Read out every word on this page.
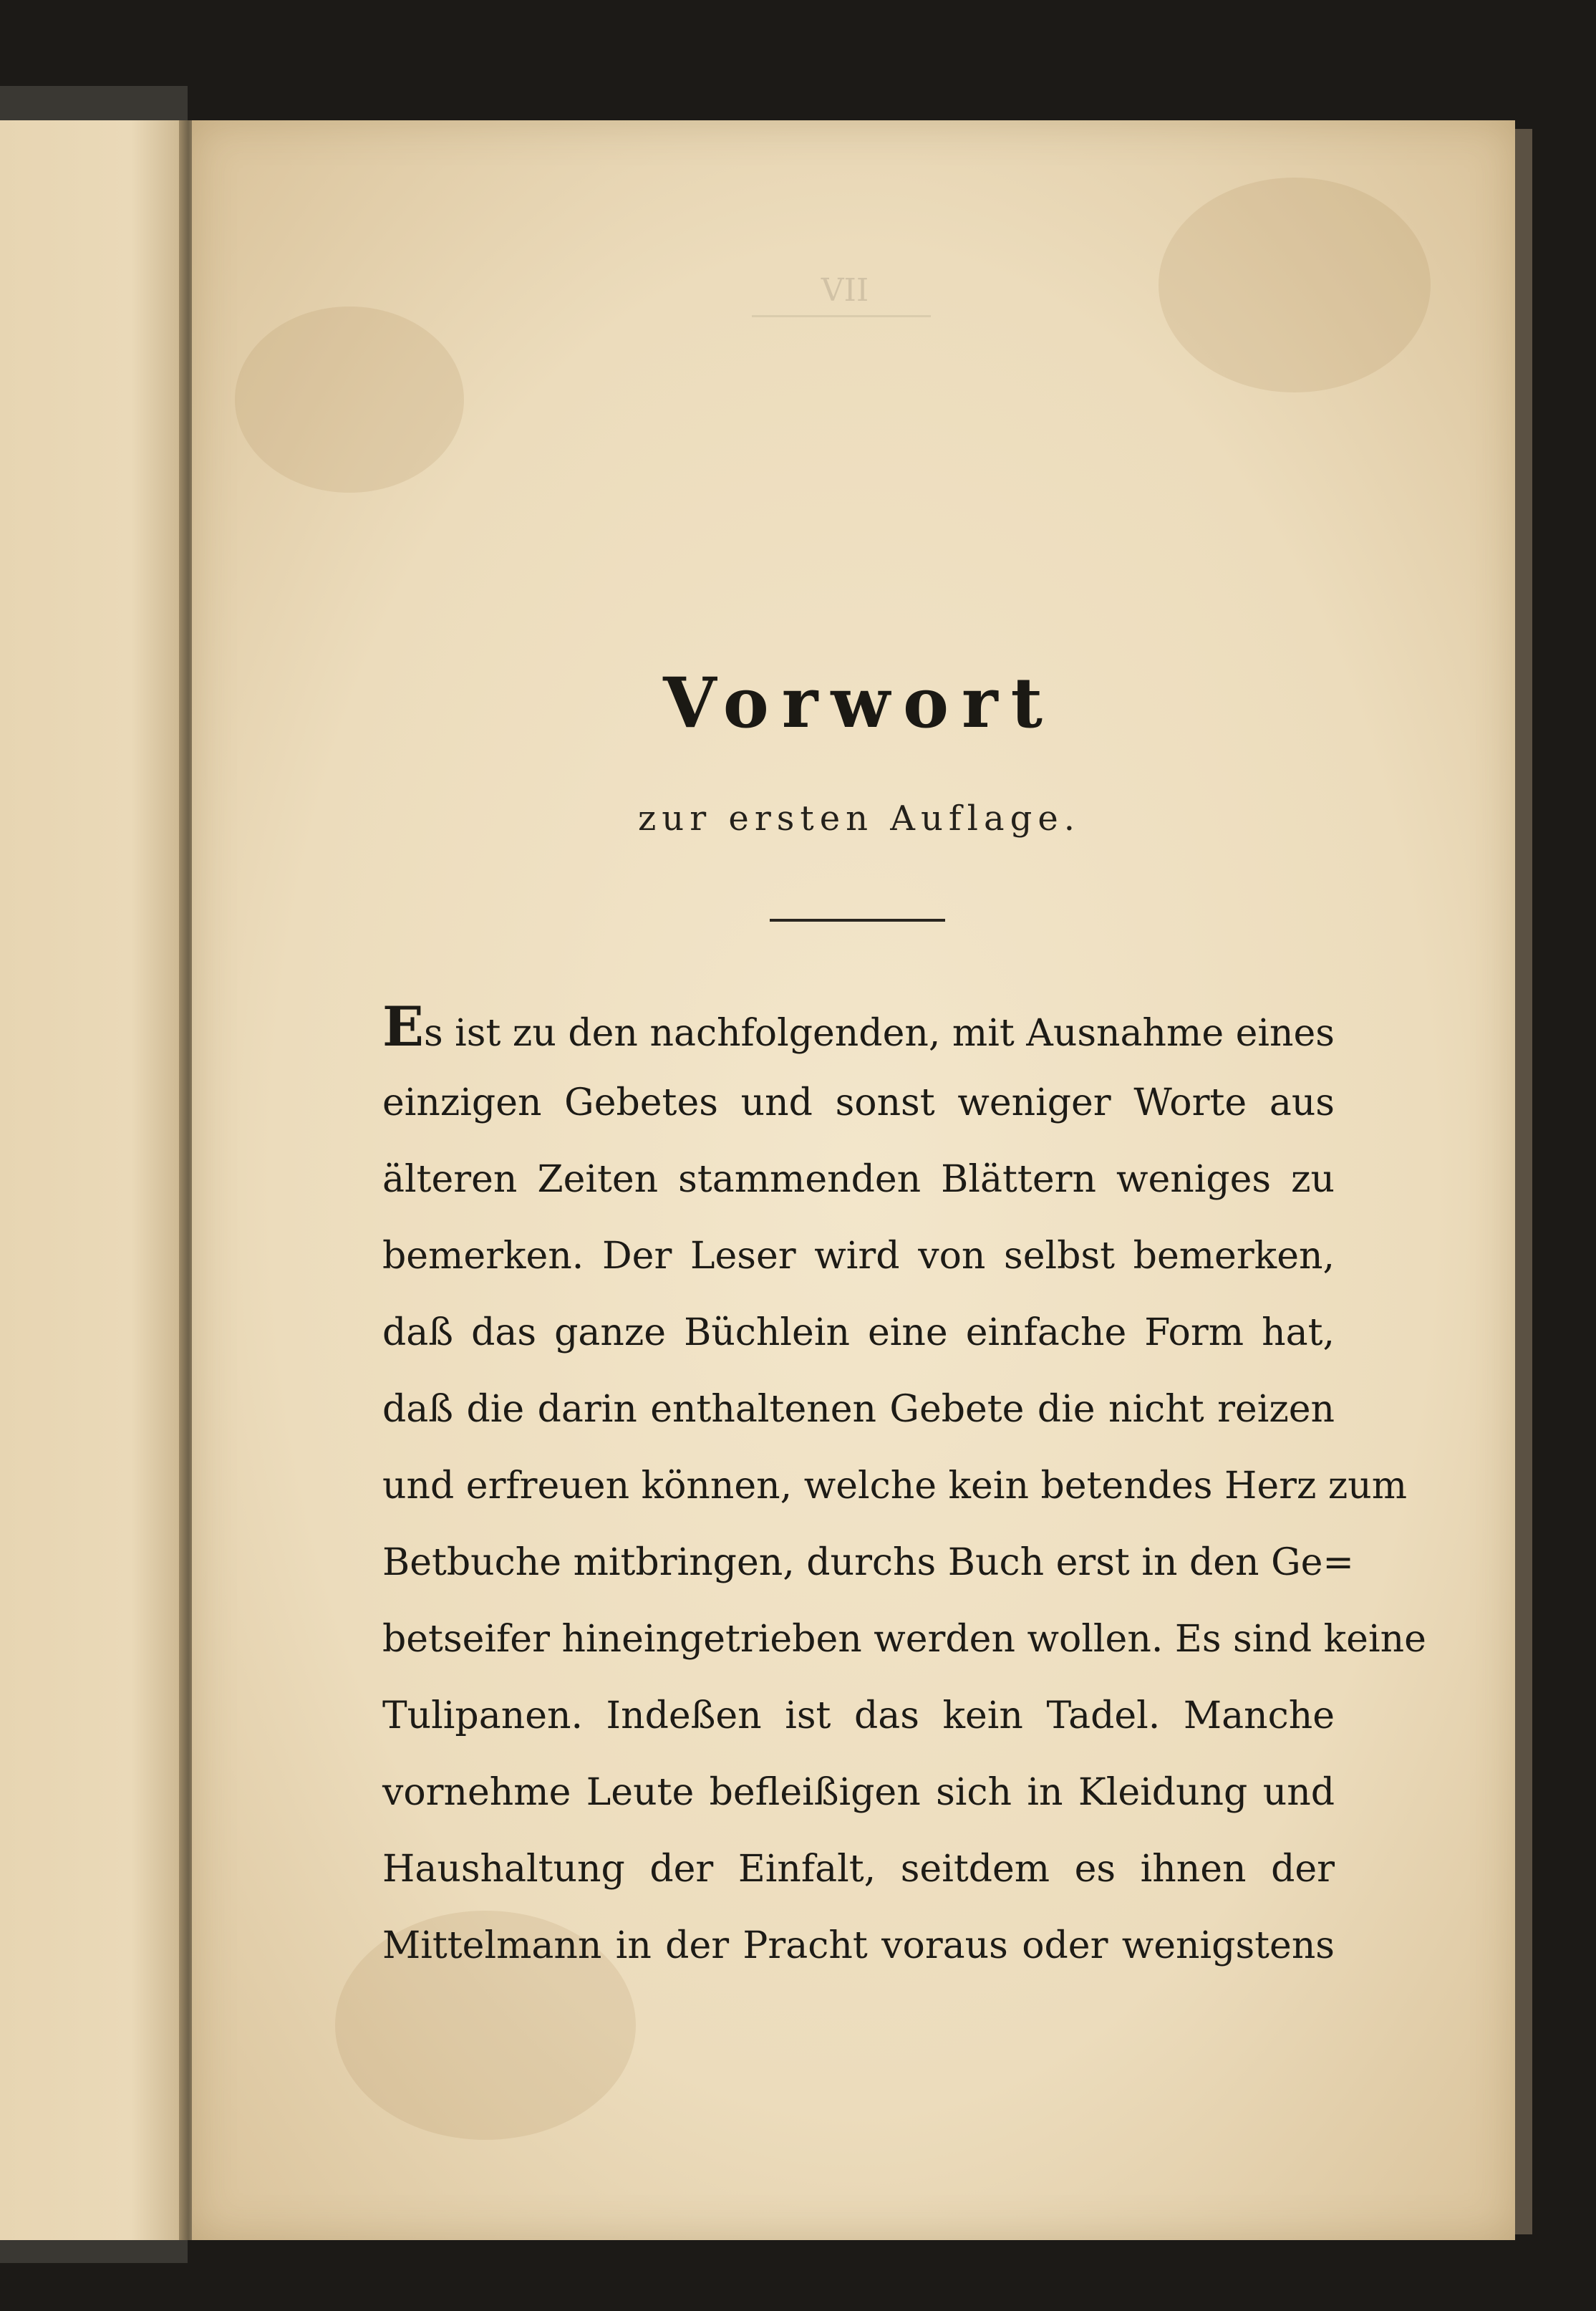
VII
Vorwort
zur ersten Auflage.
Es ist zu den nachfolgenden, mit Ausnahme eines
einzigen Gebetes und sonst weniger Worte aus
älteren Zeiten stammenden Blättern weniges zu
bemerken. Der Leser wird von selbst bemerken,
daß das ganze Büchlein eine einfache Form hat,
daß die darin enthaltenen Gebete die nicht reizen
und erfreuen können, welche kein betendes Herz zum
Betbuche mitbringen, durchs Buch erst in den Ge=
betseifer hineingetrieben werden wollen. Es sind keine
Tulipanen. Indeßen ist das kein Tadel. Manche
vornehme Leute befleißigen sich in Kleidung und
Haushaltung der Einfalt, seitdem es ihnen der
Mittelmann in der Pracht voraus oder wenigstens
